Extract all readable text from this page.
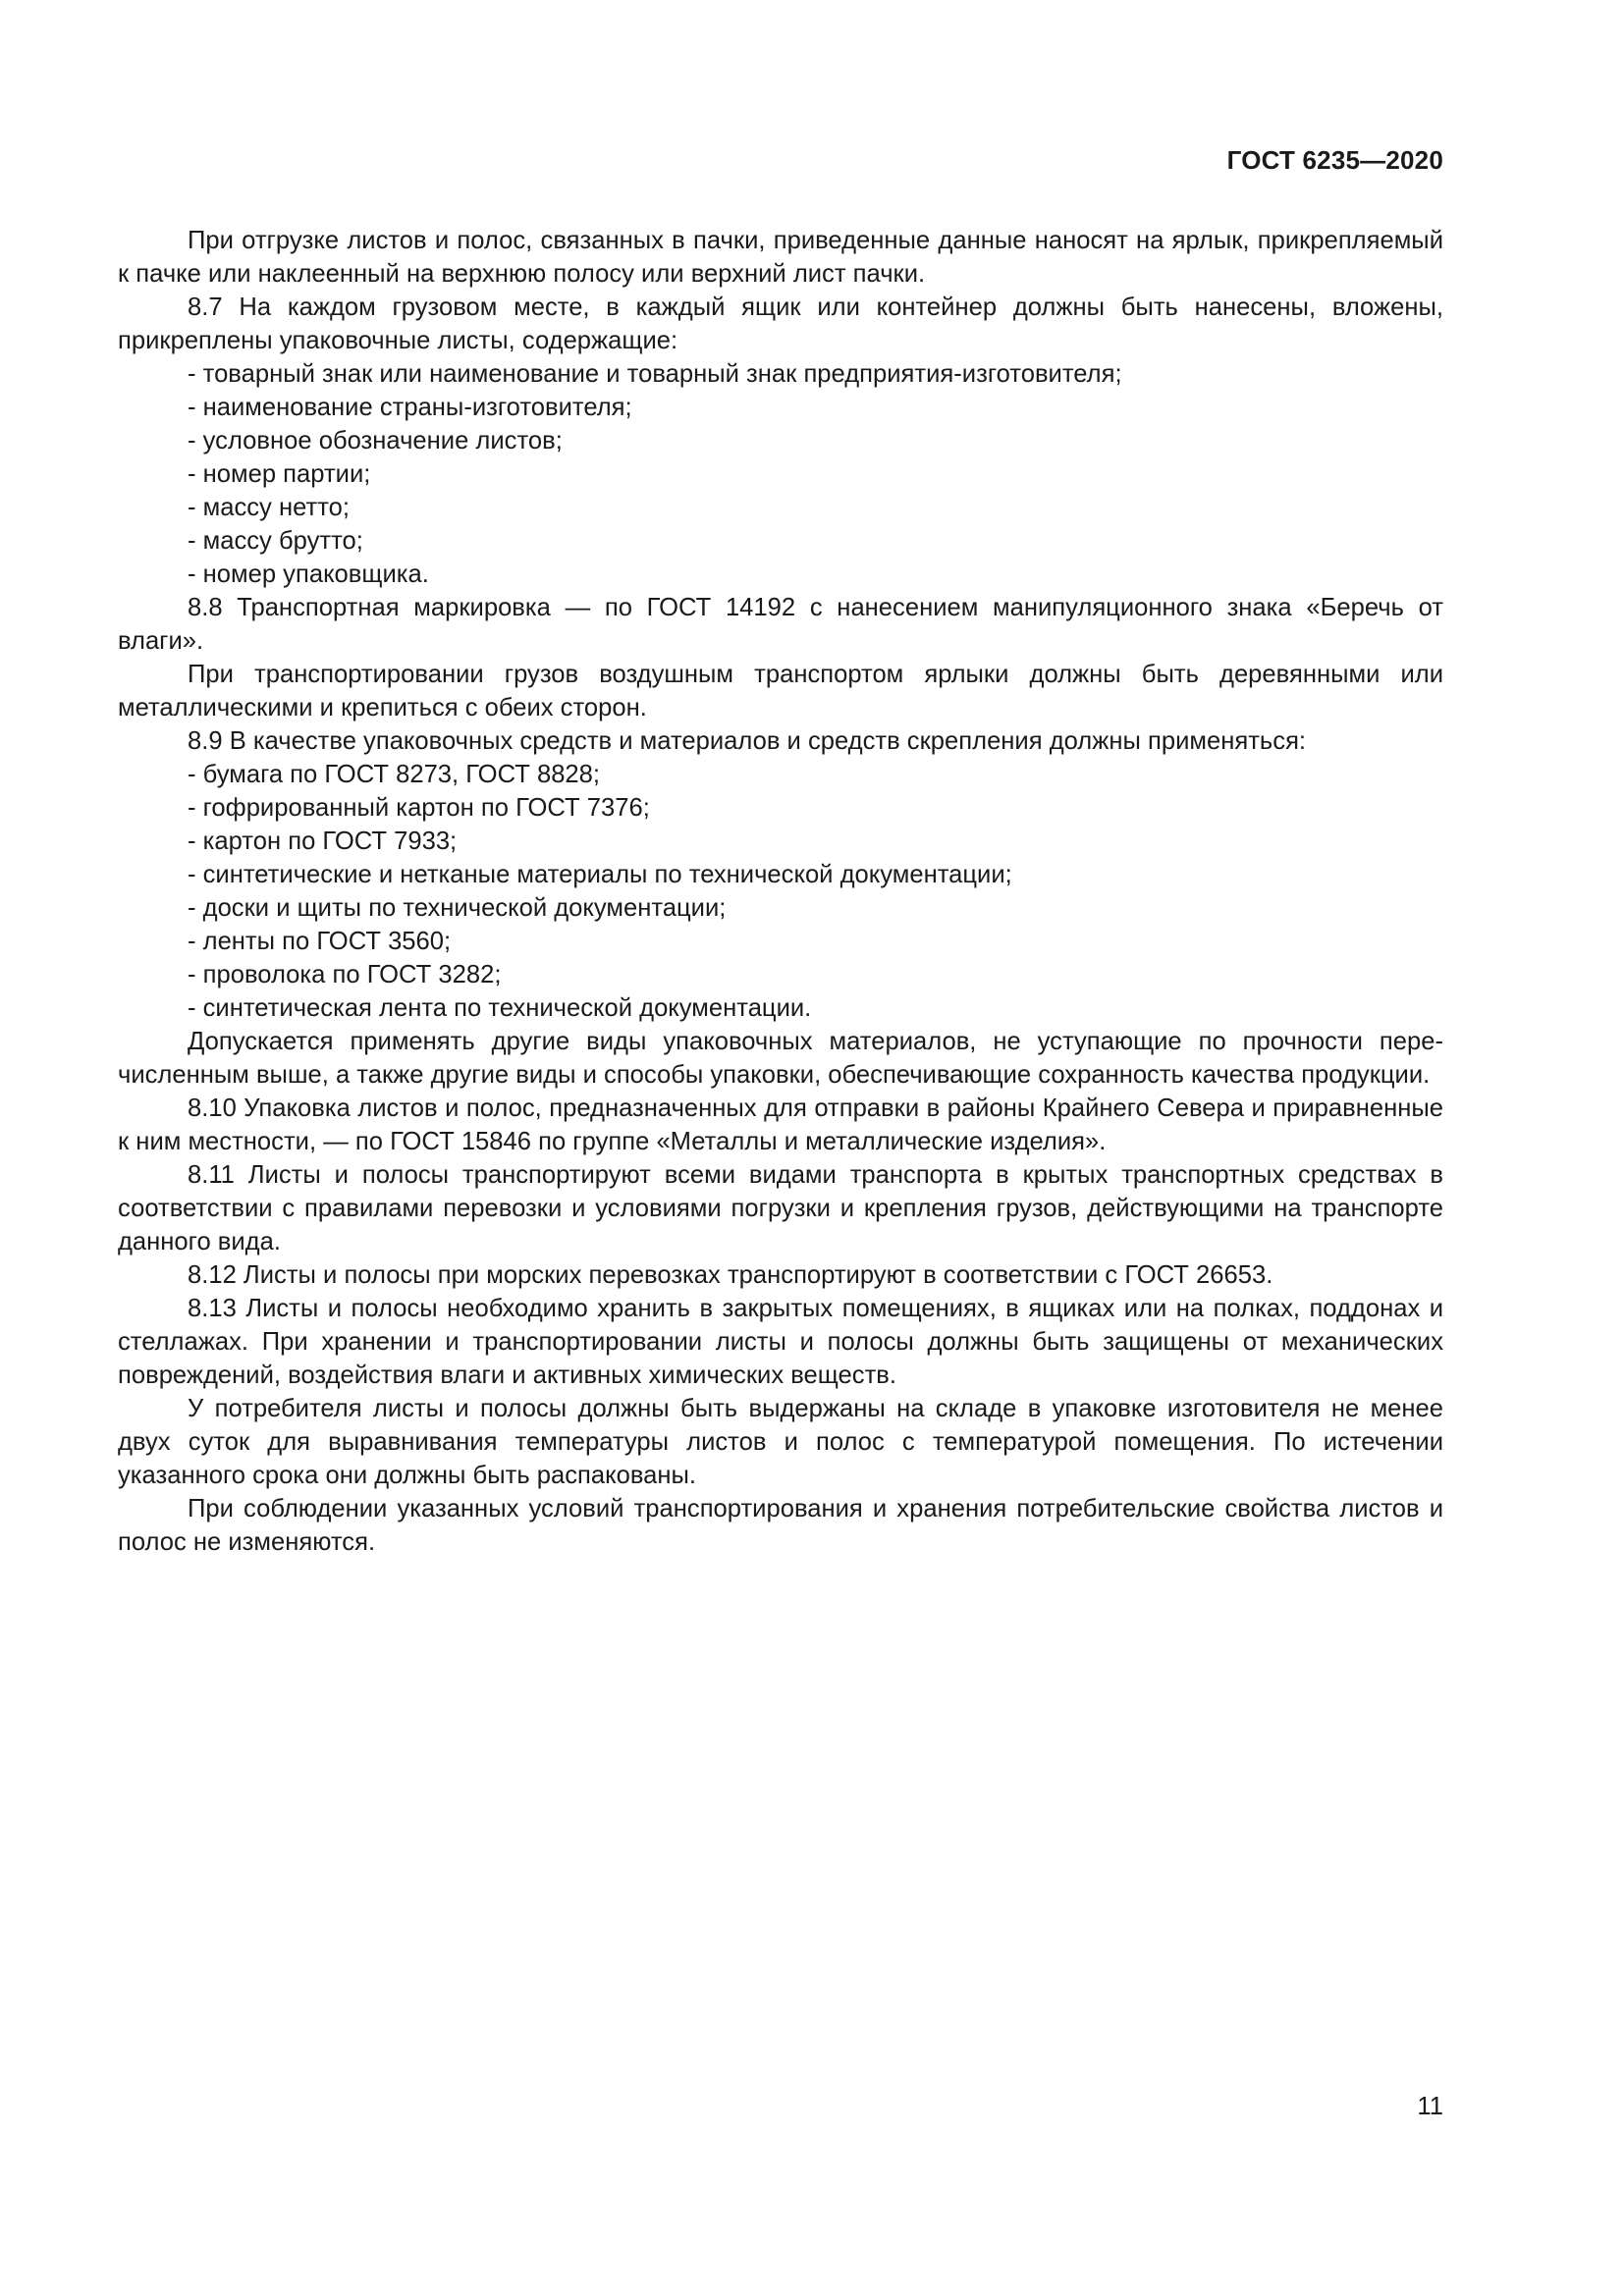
ГОСТ 6235—2020

При отгрузке листов и полос, связанных в пачки, приведенные данные наносят на ярлык, прикрепляемый к пачке или наклеенный на верхнюю полосу или верхний лист пачки.

8.7 На каждом грузовом месте, в каждый ящик или контейнер должны быть нанесены, вложены, прикреплены упаковочные листы, содержащие:

- товарный знак или наименование и товарный знак предприятия-изготовителя;

- наименование страны-изготовителя;

- условное обозначение листов;

- номер партии;

- массу нетто;

- массу брутто;

- номер упаковщика.

8.8 Транспортная маркировка — по ГОСТ 14192 с нанесением манипуляционного знака «Беречь от влаги».

При транспортировании грузов воздушным транспортом ярлыки должны быть деревянными или металлическими и крепиться с обеих сторон.

8.9 В качестве упаковочных средств и материалов и средств скрепления должны применяться:

- бумага по ГОСТ 8273, ГОСТ 8828;

- гофрированный картон по ГОСТ 7376;

- картон по ГОСТ 7933;

- синтетические и нетканые материалы по технической документации;

- доски и щиты по технической документации;

- ленты по ГОСТ 3560;

- проволока по ГОСТ 3282;

- синтетическая лента по технической документации.

Допускается применять другие виды упаковочных материалов, не уступающие по прочности перечисленным выше, а также другие виды и способы упаковки, обеспечивающие сохранность качества продукции.

8.10 Упаковка листов и полос, предназначенных для отправки в районы Крайнего Севера и приравненные к ним местности, — по ГОСТ 15846 по группе «Металлы и металлические изделия».

8.11 Листы и полосы транспортируют всеми видами транспорта в крытых транспортных средствах в соответствии с правилами перевозки и условиями погрузки и крепления грузов, действующими на транспорте данного вида.

8.12 Листы и полосы при морских перевозках транспортируют в соответствии с ГОСТ 26653.

8.13 Листы и полосы необходимо хранить в закрытых помещениях, в ящиках или на полках, поддонах и стеллажах. При хранении и транспортировании листы и полосы должны быть защищены от механических повреждений, воздействия влаги и активных химических веществ.

У потребителя листы и полосы должны быть выдержаны на складе в упаковке изготовителя не менее двух суток для выравнивания температуры листов и полос с температурой помещения. По истечении указанного срока они должны быть распакованы.

При соблюдении указанных условий транспортирования и хранения потребительские свойства листов и полос не изменяются.

11
